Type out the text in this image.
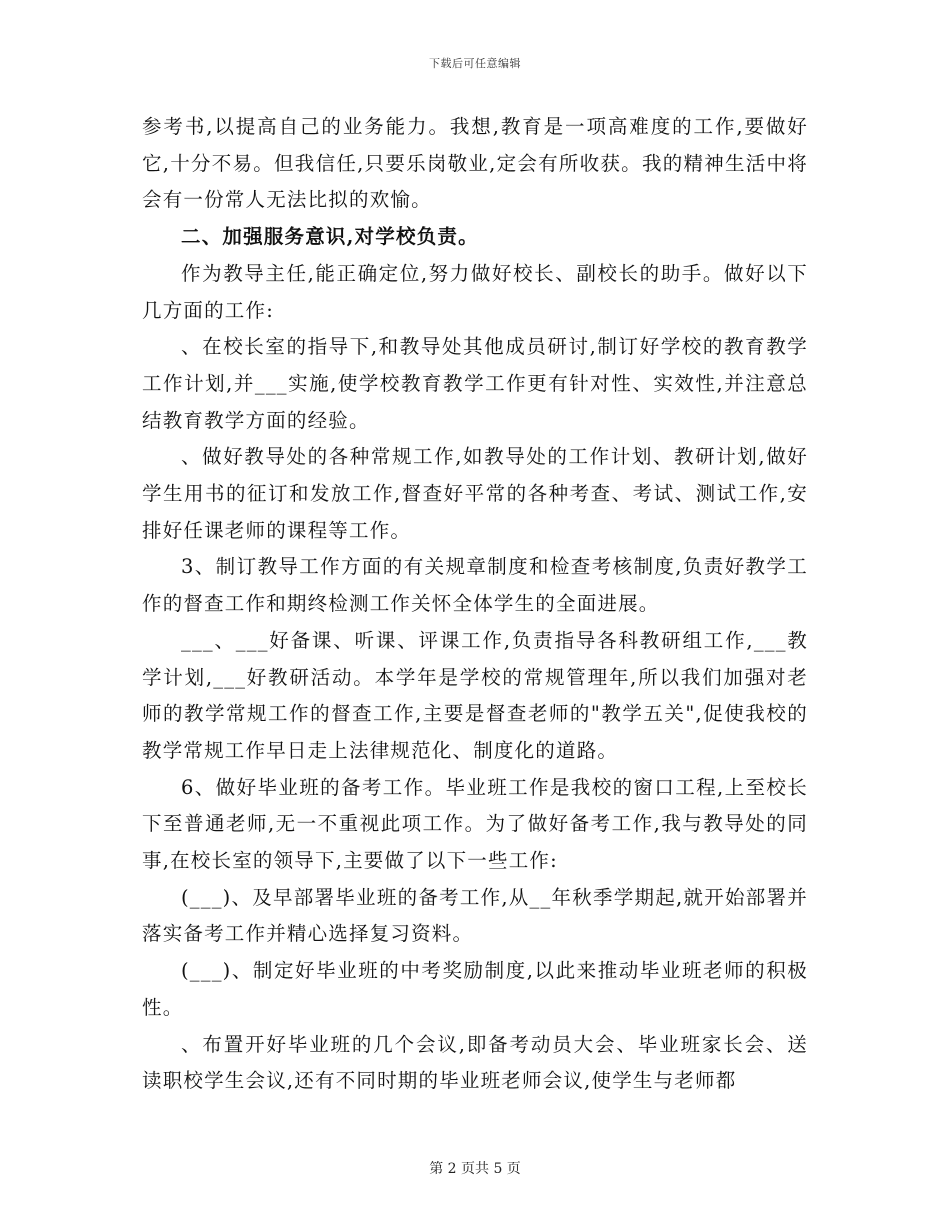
下载后可任意编辑

参考书,以提高自己的业务能力。我想,教育是一项高难度的工作,要做好它,十分不易。但我信任,只要乐岗敬业,定会有所收获。我的精神生活中将会有一份常人无法比拟的欢愉。

二、加强服务意识,对学校负责。

作为教导主任,能正确定位,努力做好校长、副校长的助手。做好以下几方面的工作:

、在校长室的指导下,和教导处其他成员研讨,制订好学校的教育教学工作计划,并___实施,使学校教育教学工作更有针对性、实效性,并注意总结教育教学方面的经验。

、做好教导处的各种常规工作,如教导处的工作计划、教研计划,做好学生用书的征订和发放工作,督查好平常的各种考查、考试、测试工作,安排好任课老师的课程等工作。

3、制订教导工作方面的有关规章制度和检查考核制度,负责好教学工作的督查工作和期终检测工作关怀全体学生的全面进展。

___、___好备课、听课、评课工作,负责指导各科教研组工作,___教学计划,___好教研活动。本学年是学校的常规管理年,所以我们加强对老师的教学常规工作的督查工作,主要是督查老师的"教学五关",促使我校的教学常规工作早日走上法律规范化、制度化的道路。

6、做好毕业班的备考工作。毕业班工作是我校的窗口工程,上至校长下至普通老师,无一不重视此项工作。为了做好备考工作,我与教导处的同事,在校长室的领导下,主要做了以下一些工作:

(___)、及早部署毕业班的备考工作,从__年秋季学期起,就开始部署并落实备考工作并精心选择复习资料。

(___)、制定好毕业班的中考奖励制度,以此来推动毕业班老师的积极性。

、布置开好毕业班的几个会议,即备考动员大会、毕业班家长会、送读职校学生会议,还有不同时期的毕业班老师会议,使学生与老师都

第 2 页共 5 页
